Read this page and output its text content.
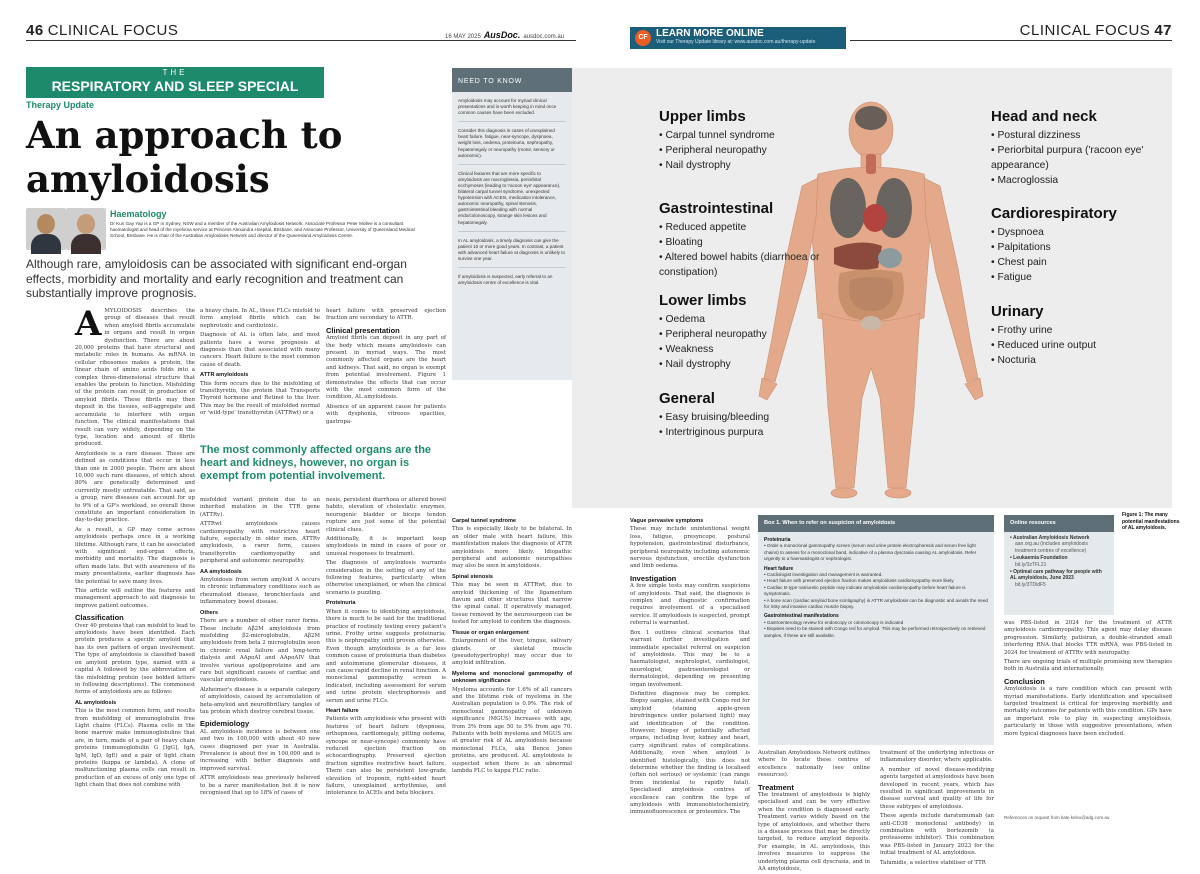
46 CLINICAL FOCUS	16 MAY 2025 AusDoc. ausdoc.com.au	CLINICAL FOCUS 47
CF LEARN MORE ONLINE
Visit our Therapy Update library at: www.ausdoc.com.au/therapy-update
THE
RESPIRATORY AND SLEEP SPECIAL
Therapy Update
An approach to amyloidosis
Haematology
Dr Kun Gay Yap is a GP in Sydney, NSW and a member of the Australian Amyloidosis Network. Associate Professor Peter Mollee is a consultant haematologist and head of the myeloma service at Princess Alexandra Hospital, Brisbane, and Associate Professor, University of Queensland Medical School, Brisbane. He is chair of the Australian Amyloidosis Network and director of the Queensland Amyloidosis Centre.
Although rare, amyloidosis can be associated with significant end-organ effects, morbidity and mortality and early recognition and treatment can substantially improve prognosis.
A MYLOIDOSIS describes the group of diseases that result when amyloid fibrils accumulate in organs and result in organ dysfunction. There are about 20,000 proteins that have structural and metabolic roles in humans. As mRNA in cellular ribosomes makes a protein, the linear chain of amino acids folds into a complex three-dimensional structure that enables the protein to function. Misfolding of the protein can result in production of amyloid fibrils. These fibrils may then deposit in the tissues, self-aggregate and accumulate to interfere with organ function. The clinical manifestations that result can vary widely, depending on the type, location and amount of fibrils produced.

Amyloidosis is a rare disease. These are defined as conditions that occur in less than one in 2000 people. There are about 10,000 such rare diseases, of which about 80% are genetically determined and currently mostly untreatable. That said, as a group, rare diseases can account for up to 9% of a GP's workload, so overall these constitute an important consideration in day-to-day practice.

As a result, a GP may come across amyloidosis perhaps once in a working lifetime. Although rare, it can be associated with significant end-organ effects, morbidity and mortality. The diagnosis is often made late. But with awareness of its many presentations, earlier diagnosis has the potential to save many lives.

This article will outline the features and management approach to aid diagnosis to improve patient outcomes.

Classification

Over 40 proteins that can misfold to lead to amyloidosis have been identified. Each protein produces a specific amyloid that has its own pattern of organ involvement. The type of amyloidosis is classified based on amyloid protein type, named with a capital A followed by the abbreviation of the misfolding protein (see bolded letters in following descriptions). The commonest forms of amyloidosis are as follows:

AL amyloidosis

This is the most common form, and results from misfolding of immunoglobulin free Light chains (FLCs). Plasma cells in the bone marrow make immunoglobulins that are, in turn, made of a pair of heavy chain proteins (immunoglobulin G [IgG], IgA, IgM, IgD, IgE) and a pair of light chain proteins (kappa or lambda). A clone of malfunctioning plasma cells can result in production of an excess of only one type of light chain that does not combine with

a heavy chain. In AL, these FLCs misfold to form amyloid fibrils which can be nephrotoxic and cardiotoxic.

Diagnosis of AL is often late, and most patients have a worse prognosis at diagnosis than that associated with many cancers. Heart failure is the most common cause of death.

ATTR amyloidosis

This form occurs due to the misfolding of transthyretin, the protein that Transports Thyroid hormone and Retinol to the liver. This may be the result of misfolded normal or 'wild-type' transthyretin (ATTRwt) or a

heart failure with preserved ejection fraction are secondary to ATTR.

Clinical presentation

Amyloid fibrils can deposit in any part of the body which means amyloidosis can present in myriad ways. The most commonly affected organs are the heart and kidneys. That said, no organ is exempt from potential involvement. Figure 1 demonstrates the effects that can occur with the most common form of the condition, AL amyloidosis.

Absence of an apparent cause for patients with dysphonia, vitreous opacities, gastropa-

The most commonly affected organs are the heart and kidneys, however, no organ is exempt from potential involvement.

misfolded variant protein due to an inherited mutation in the TTR gene (ATTRv).

ATTRwt amyloidosis causes cardiomyopathy with restrictive heart failure, especially in older men. ATTRv amyloidosis, a rarer form, causes transthyretin cardiomyopathy and peripheral and autonomic neuropathy.

AA amyloidosis

Amyloidosis from serum amyloid A occurs in chronic inflammatory conditions such as rheumatoid disease, bronchiectasis and inflammatory bowel disease.

Others

There are a number of other rarer forms. These include Aβ2M amyloidosis from misfolding β2-microglobulin, Aβ2M amyloidosis from beta 2 microglobulin seen in chronic renal failure and long-term dialysis and AApoAI and AApoAIV that involve various apolipoproteins and are rare but significant causes of cardiac and vascular amyloidosis.

Alzheimer's disease is a separate category of amyloidosis, caused by accumulation of beta-amyloid and neurofibrillary tangles of tau protein which destroy cerebral tissue.

Epidemiology

AL amyloidosis incidence is between one and two in 100,000 with about 40 new cases diagnosed per year in Australia. Prevalence is about five in 100,000 and is increasing with better diagnosis and improved survival.

ATTR amyloidosis was previously believed to be a rarer manifestation but it is now recognised that up to 18% of cases of

nesis, persistent diarrhoea or altered bowel habits, elevation of cholestatic enzymes, neurogenic bladder or biceps tendon rupture are just some of the potential clinical clues.

Additionally, it is important keep amyloidosis in mind in cases of poor or unusual responses to treatment.

The diagnosis of amyloidosis warrants consideration in the setting of any of the following features, particularly when otherwise unexplained, or when the clinical scenario is puzzling.

Proteinuria

When it comes to identifying amyloidosis, there is much to be said for the traditional practice of routinely testing every patient's urine. Frothy urine suggests proteinuria; this is nephropathy until proven otherwise. Even though amyloidosis is a far less common cause of proteinuria than diabetes and autoimmune glomerular diseases, it can cause rapid decline in renal function. A monoclonal gammopathy screen is indicated, including assessment for serum and urine protein electrophoresis and serum and urine FLCs.

Heart failure

Patients with amyloidosis who present with features of heart failure (dyspnoea, orthopnoea, cardiomegaly, pitting oedema, syncope or near-syncope) commonly have reduced ejection fraction on echocardiography. Preserved ejection fraction signifies restrictive heart failure. There can also be persistent low-grade elevation of troponin, right-sided heart failure, unexplained arrhythmias, and intolerance to ACEIs and beta blockers.

Carpal tunnel syndrome

This is especially likely to be bilateral. In an older male with heart failure, this manifestation makes the diagnosis of ATTR amyloidosis more likely. Idiopathic peripheral and autonomic neuropathies may also be seen in amyloidosis.

Spinal stenosis

This may be seen in ATTRwt, due to amyloid thickening of the ligamentum flavum and other structures that narrow the spinal canal. If operatively managed, tissue removed by the neurosurgeon can be tested for amyloid to confirm the diagnosis.

Tissue or organ enlargement

Enlargement of the liver, tongue, salivary glands, or skeletal muscle (pseudohypertrophy) may occur due to amyloid infiltration.

Myeloma and monoclonal gammopathy of unknown significance

Myeloma accounts for 1.6% of all cancers and the lifetime risk of myeloma in the Australian population is 0.9%. The risk of monoclonal gammopathy of unknown significance (MGUS) increases with age, from 3% from age 50 to 5% from age 70. Patients with both myeloma and MGUS are at greater risk of AL amyloidosis because monoclonal FLCs, aka Bence Jones proteins, are produced. AL amyloidosis is suspected when there is an abnormal lambda FLC to kappa FLC ratio.

Vague pervasive symptoms

These may include unintentional weight loss, fatigue, presyncope, postural hypotension, gastrointestinal disturbance, peripheral neuropathy including autonomic nervous dysfunction, erectile dysfunction and limb oedema.

Investigation

A few simple tests may confirm suspicions of amyloidosis. That said, the diagnosis is complex and diagnostic confirmation requires involvement of a specialised service. If amyloidosis is suspected, prompt referral is warranted.

Box 1 outlines clinical scenarios that warrant further investigation and immediate specialist referral on suspicion of amyloidosis. This may be to a haematologist, nephrologist, cardiologist, neurologist, gastroenterologist or dermatologist, depending on presenting organ involvement.

Definitive diagnosis may be complex. Biopsy samples, stained with Congo red for amyloid (staining apple-green birefringence under polarised light) may aid identification of the condition. However, biopsy of potentially affected organs, including liver, kidney and heart, carry significant rates of complications. Additionally, even when amyloid is identified histologically, this does not determine whether the finding is localised (often not serious) or systemic (can range from incidental to rapidly fatal). Specialised amyloidosis centres of excellence can confirm the type of amyloidosis with immunohistochemistry, immunofluorescence or proteomics. The

Australian Amyloidosis Network outlines where to locate these centres of excellence nationally (see online resources).

Treatment

The treatment of amyloidosis is highly specialised and can be very effective when the condition is diagnosed early. Treatment varies widely based on the type of amyloidosis, and whether there is a disease process that may be directly targeted, to reduce amyloid deposits. For example, in AL amyloidosis, this involves measures to suppress the underlying plasma cell dyscrasia, and in AA amyloidosis,

treatment of the underlying infectious or inflammatory disorder, where applicable.

A number of novel disease-modifying agents targeted at amyloidosis have been developed in recent years, which has resulted in significant improvements in disease survival and quality of life for these subtypes of amyloidosis.

These agents include daratumumab (an anti-CD38 monoclonal antibody) in combination with bortezomib (a proteasome inhibitor). This combination was PBS-listed in January 2023 for the initial treatment of AL amyloidosis.

Tafamidis, a selective stabiliser of TTR

was PBS-listed in 2024 for the treatment of ATTR amyloidosis cardiomyopathy. This agent may delay disease progression. Similarly, patisiran, a double-stranded small interfering RNA that blocks TTR mRNA, was PBS-listed in 2024 for treatment of ATTRv with neuropathy.

There are ongoing trials of multiple promising new therapies both in Australia and internationally.

Conclusion

Amyloidosis is a rare condition which can present with myriad manifestations. Early identification and specialised targeted treatment is critical for improving morbidity and mortality outcomes for patients with this condition. GPs have an important role to play in suspecting amyloidosis, particularly in those with suggestive presentations, when more typical diagnoses have been excluded.

NEED TO KNOW
Amyloidosis may account for myriad clinical presentations and is worth keeping in mind once common causes have been excluded.
Consider this diagnosis in cases of unexplained heart failure, fatigue, near-syncope, dyspnoea, weight loss, oedema, proteinuria, nephropathy, hepatomegaly or neuropathy (motor, sensory or autonomic).
Clinical features that are more specific to amyloidosis are macroglossia, periorbital ecchymoses (leading to 'racoon eye' appearance), bilateral carpal tunnel syndrome, unexpected hypotension with ACEIs, medication intolerance, autonomic neuropathy, spinal stenosis, gastrointestinal bleeding with normal endo/colonoscopy, strange skin lesions and hepatomegaly.
In AL amyloidosis, a timely diagnosis can give the patient 10 or more good years. In contrast, a patient with advanced heart failure at diagnosis is unlikely to survive one year.
If amyloidosis is suspected, early referral to an amyloidosis centre of excellence is vital.
Upper limbs
• Carpal tunnel syndrome
• Peripheral neuropathy
• Nail dystrophy
Gastrointestinal
• Reduced appetite
• Bloating
• Altered bowel habits (diarrhoea or constipation)
Lower limbs
• Oedema
• Peripheral neuropathy
• Weakness
• Nail dystrophy
General
• Easy bruising/bleeding
• Intertriginous purpura
Head and neck
• Postural dizziness
• Periorbital purpura ('racoon eye' appearance)
• Macroglossia
Cardiorespiratory
• Dyspnoea
• Palpitations
• Chest pain
• Fatigue
Urinary
• Frothy urine
• Reduced urine output
• Nocturia
Figure 1: The many potential manifestations of AL amyloidosis.
Box 1. When to refer on suspicion of amyloidosis
Proteinuria
• Order a monoclonal gammopathy screen (serum and urine protein electrophoresis and serum free light chains) to assess for a monoclonal band, indicative of a plasma dyscrasia causing AL amyloidosis. Refer urgently to a haematologist or nephrologist.
Heart failure
• Cardiologist investigation and management is warranted.
• Heart failure with preserved ejection fraction makes amyloidosis cardiomyopathy more likely.
• Cardiac B-type natriuretic peptide may indicate amyloidosis cardiomyopathy before heart failure is symptomatic.
• A bone scan (cardiac amyloid bone scintigraphy) in ATTR amyloidosis can be diagnostic and avoids the need for risky and invasive cardiac muscle biopsy.
Gastrointestinal manifestations
• Gastroenterology review for endoscopy or colonoscopy is indicated
• Biopsies need to be stained with Congo red for amyloid. This may be performed retrospectively on retrieved samples, if these are still available.
Online resources
• Australian Amyloidosis Network
aan.org.au (includes amyloidosis treatment centres of excellence)
• Leukaemia Foundation
bit.ly/3zTFL21
• Optimal care pathway for people with AL amyloidosis, June 2023
bit.ly/3TDidF5
References on request from kate kelso@adg.com.au
